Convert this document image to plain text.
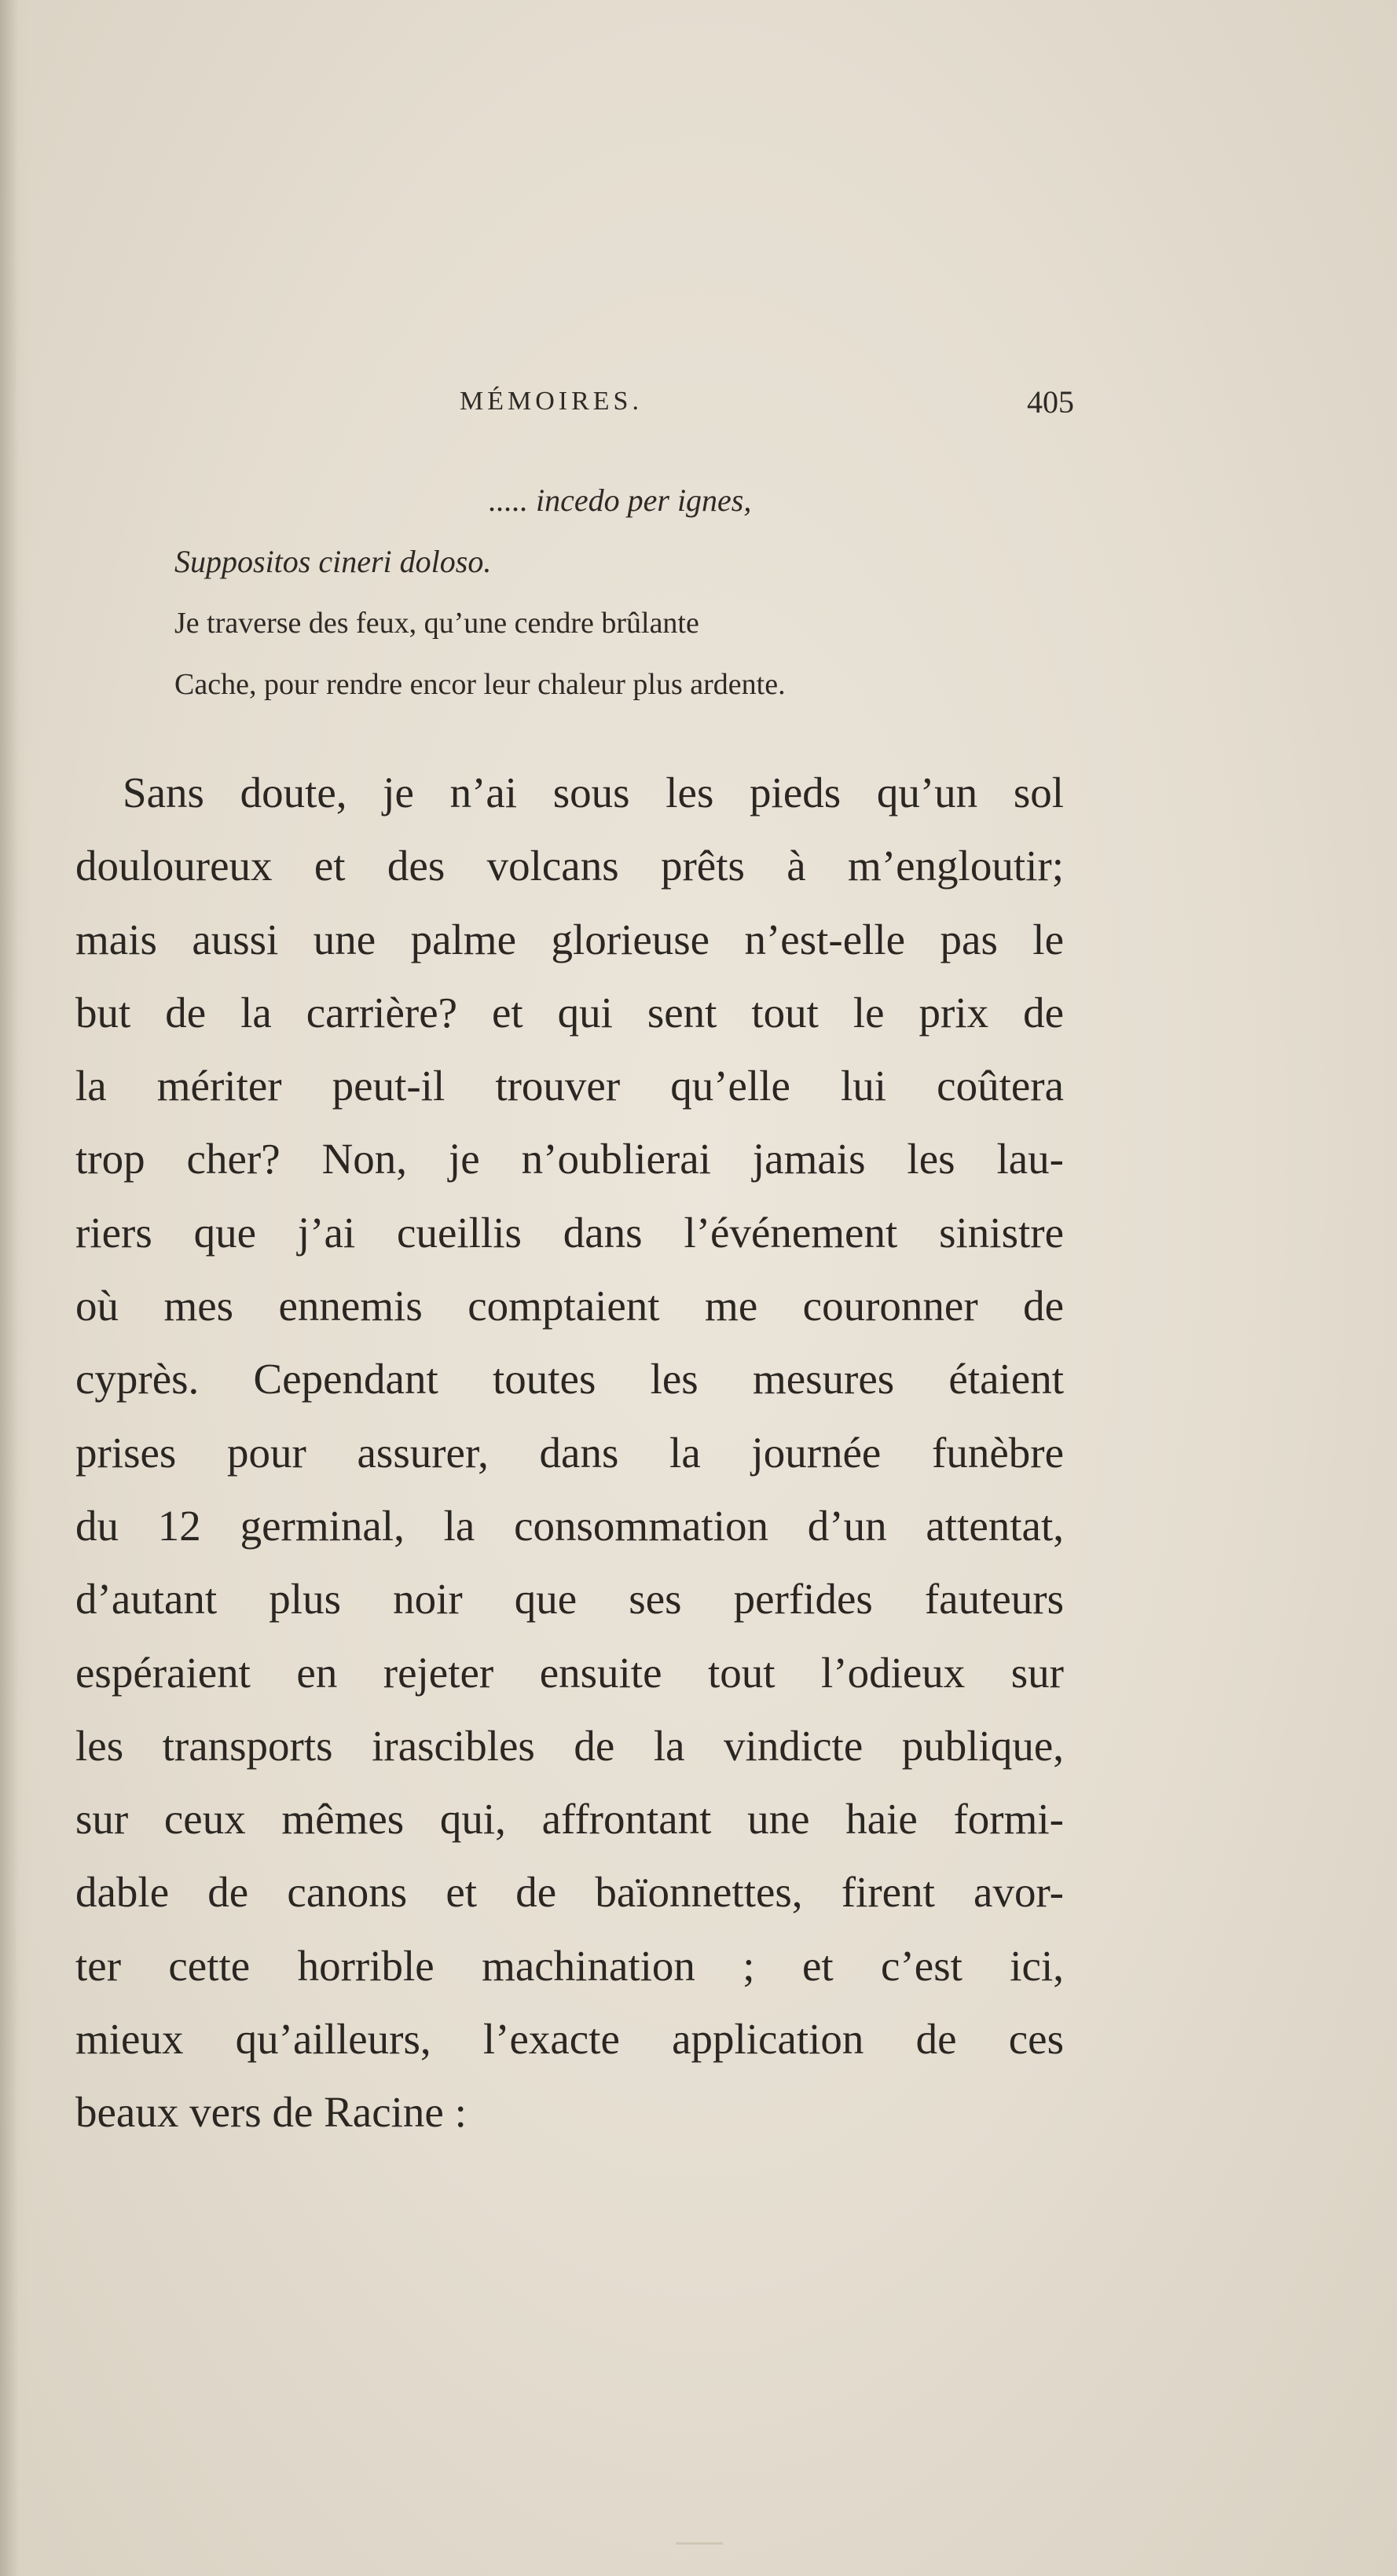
MÉMOIRES.	405
..... incedo per ignes,
Suppositos cineri doloso.
Je traverse des feux, qu’une cendre brûlante
Cache, pour rendre encor leur chaleur plus ardente.
Sans doute, je n’ai sous les pieds qu’un sol
douloureux et des volcans prêts à m’engloutir;
mais aussi une palme glorieuse n’est-elle pas le
but de la carrière? et qui sent tout le prix de
la mériter peut-il trouver qu’elle lui coûtera
trop cher? Non, je n’oublierai jamais les lau-
riers que j’ai cueillis dans l’événement sinistre
où mes ennemis comptaient me couronner de
cyprès. Cependant toutes les mesures étaient
prises pour assurer, dans la journée funèbre
du 12 germinal, la consommation d’un attentat,
d’autant plus noir que ses perfides fauteurs
espéraient en rejeter ensuite tout l’odieux sur
les transports irascibles de la vindicte publique,
sur ceux mêmes qui, affrontant une haie formi-
dable de canons et de baïonnettes, firent avor-
ter cette horrible machination ; et c’est ici,
mieux qu’ailleurs, l’exacte application de ces
beaux vers de Racine :
